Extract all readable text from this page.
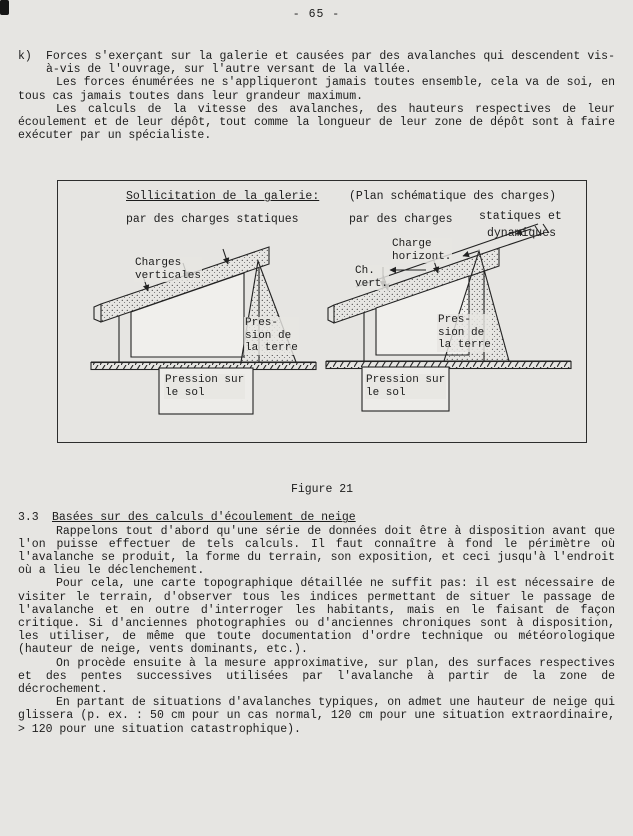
- 65 -
k) Forces s'exerçant sur la galerie et causées par des avalanches qui descendent vis-à-vis de l'ouvrage, sur l'autre versant de la vallée.

Les forces énumérées ne s'appliqueront jamais toutes ensemble, cela va de soi, en tous cas jamais toutes dans leur grandeur maximum.

Les calculs de la vitesse des avalanches, des hauteurs respectives de leur écoulement et de leur dépôt, tout comme la longueur de leur zone de dépôt sont à faire exécuter par un spécialiste.

Sollicitation de la galerie:
par des charges statiques
(Plan schématique des charges)
par des charges statiques et
dynamiques
Charges
verticales
Pres-
sion de
la terre
Pression sur
le sol
Charge
horizont.
Ch.
vert.
Pres-
sion de
la terre
Pression sur
le sol
Figure 21
3.3 Basées sur des calculs d'écoulement de neige

Rappelons tout d'abord qu'une série de données doit être à disposition avant que l'on puisse effectuer de tels calculs. Il faut connaître à fond le périmètre où l'avalanche se produit, la forme du terrain, son exposition, et ceci jusqu'à l'endroit où a lieu le déclenchement.

Pour cela, une carte topographique détaillée ne suffit pas: il est nécessaire de visiter le terrain, d'observer tous les indices permettant de situer le passage de l'avalanche et en outre d'interroger les habitants, mais en le faisant de façon critique. Si d'anciennes photographies ou d'anciennes chroniques sont à disposition, les utiliser, de même que toute documentation d'ordre technique ou météorologique (hauteur de neige, vents dominants, etc.).

On procède ensuite à la mesure approximative, sur plan, des surfaces respectives et des pentes successives utilisées par l'avalanche à partir de la zone de décrochement.

En partant de situations d'avalanches typiques, on admet une hauteur de neige qui glissera (p. ex. : 50 cm pour un cas normal, 120 cm pour une situation extraordinaire, > 120 pour une situation catastrophique).
